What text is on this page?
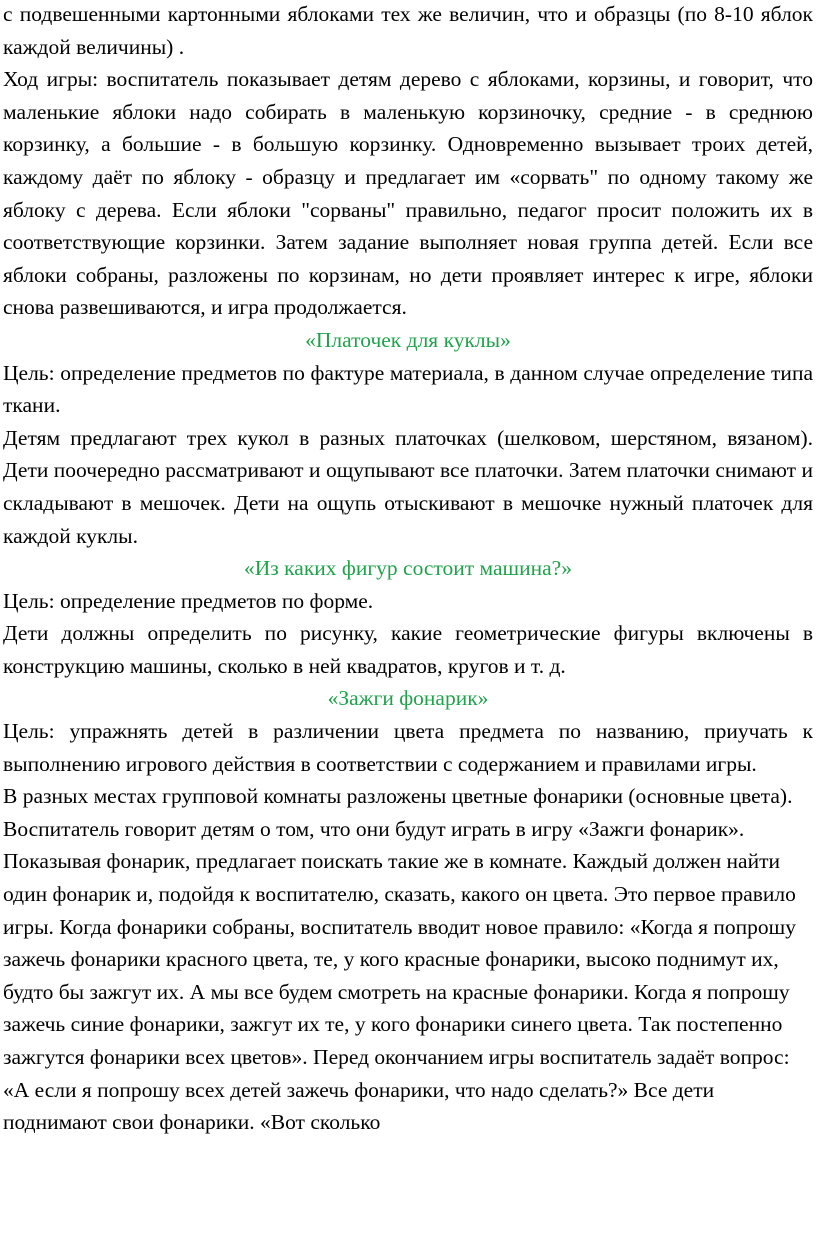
с подвешенными картонными яблоками тех же величин, что и образцы (по 8-10 яблок каждой величины) .

Ход игры: воспитатель показывает детям дерево с яблоками, корзины, и говорит, что маленькие яблоки надо собирать в маленькую корзиночку, средние - в среднюю корзинку, а большие - в большую корзинку. Одновременно вызывает троих детей, каждому даёт по яблоку - образцу и предлагает им «сорвать" по одному такому же яблоку с дерева. Если яблоки "сорваны" правильно, педагог просит положить их в соответствующие корзинки. Затем задание выполняет новая группа детей. Если все яблоки собраны, разложены по корзинам, но дети проявляет интерес к игре, яблоки снова развешиваются, и игра продолжается.

«Платочек для куклы»

Цель: определение предметов по фактуре материала, в данном случае определение типа ткани.

Детям предлагают трех кукол в разных платочках (шелковом, шерстяном, вязаном). Дети поочередно рассматривают и ощупывают все платочки. Затем платочки снимают и складывают в мешочек. Дети на ощупь отыскивают в мешочке нужный платочек для каждой куклы.

«Из каких фигур состоит машина?»

Цель: определение предметов по форме.

Дети должны определить по рисунку, какие геометрические фигуры включены в конструкцию машины, сколько в ней квадратов, кругов и т. д.

«Зажги фонарик»

Цель: упражнять детей в различении цвета предмета по названию, приучать к выполнению игрового действия в соответствии с содержанием и правилами игры.

В разных местах групповой комнаты разложены цветные фонарики (основные цвета). Воспитатель говорит детям о том, что они будут играть в игру «Зажги фонарик». Показывая фонарик, предлагает поискать такие же в комнате. Каждый должен найти один фонарик и, подойдя к воспитателю, сказать, какого он цвета. Это первое правило игры. Когда фонарики собраны, воспитатель вводит новое правило: «Когда я попрошу зажечь фонарики красного цвета, те, у кого красные фонарики, высоко поднимут их, будто бы зажгут их. А мы все будем смотреть на красные фонарики. Когда я попрошу зажечь синие фонарики, зажгут их те, у кого фонарики синего цвета. Так постепенно зажгутся фонарики всех цветов». Перед окончанием игры воспитатель задаёт вопрос: «А если я попрошу всех детей зажечь фонарики, что надо сделать?» Все дети поднимают свои фонарики. «Вот сколько
